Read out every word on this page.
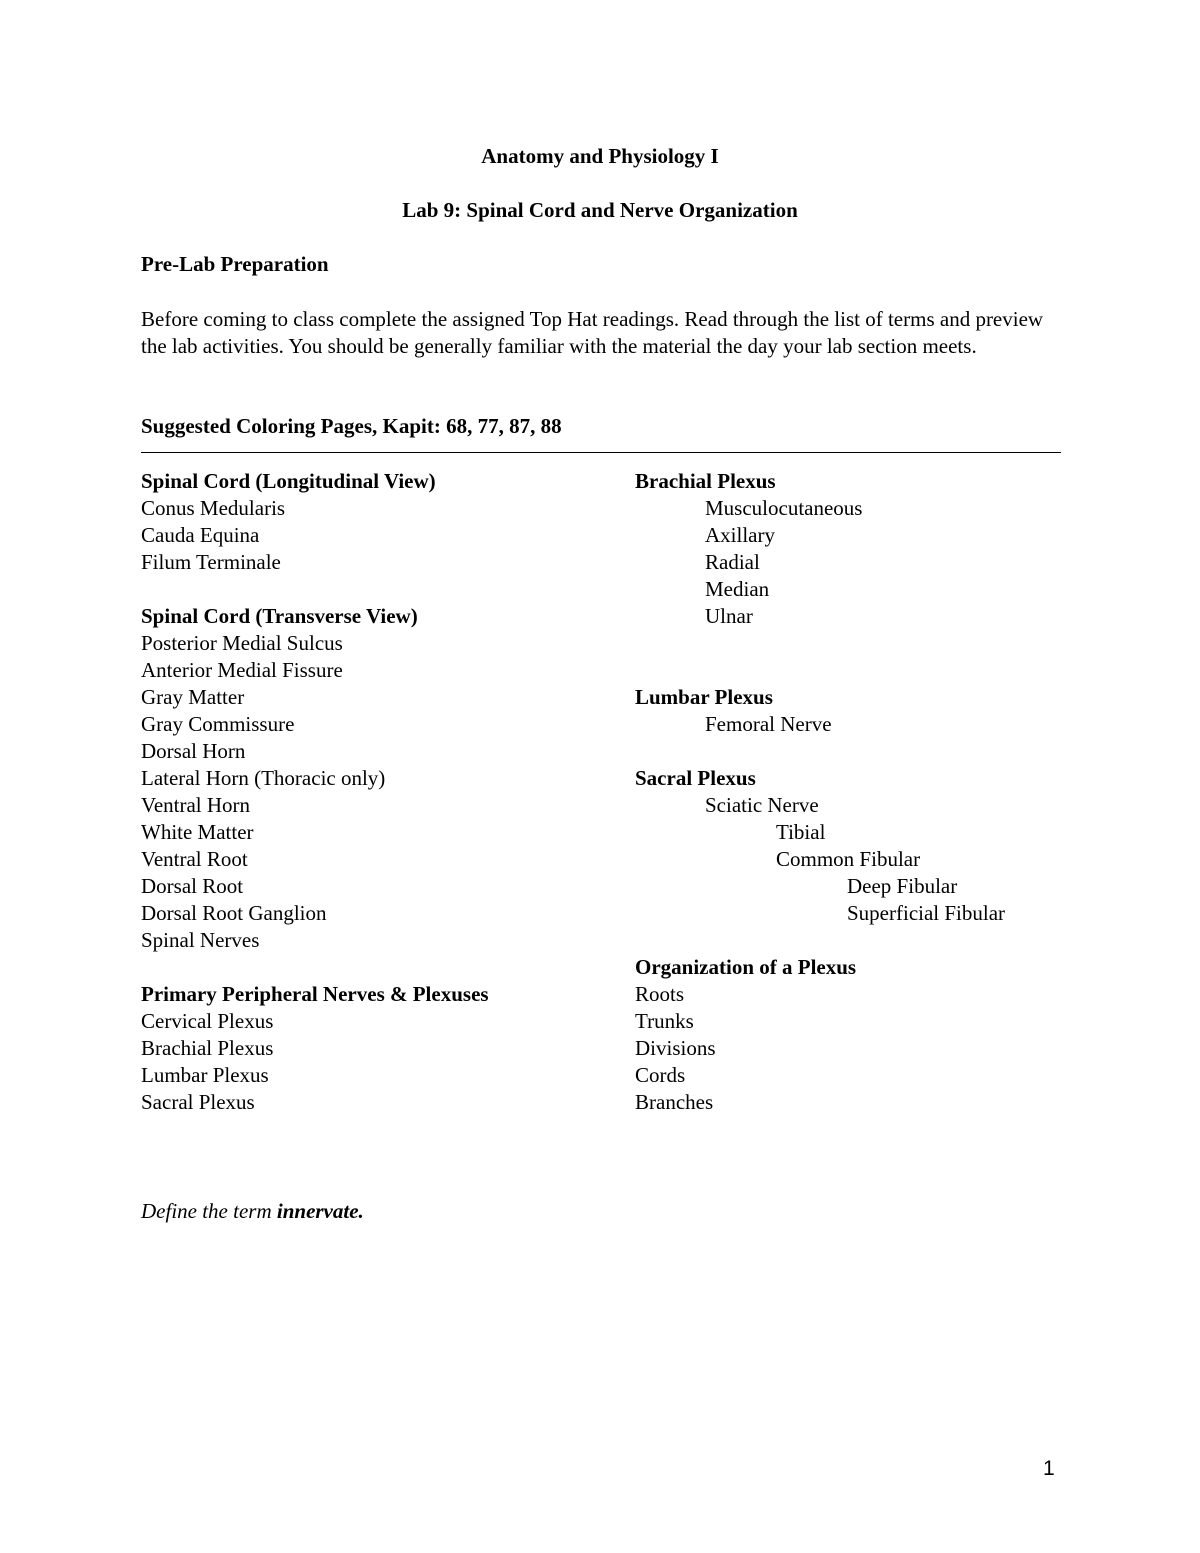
Anatomy and Physiology I
Lab 9: Spinal Cord and Nerve Organization
Pre-Lab Preparation
Before coming to class complete the assigned Top Hat readings. Read through the list of terms and preview the lab activities. You should be generally familiar with the material the day your lab section meets.
Suggested Coloring Pages, Kapit: 68, 77, 87, 88
Spinal Cord (Longitudinal View)
Conus Medularis
Cauda Equina
Filum Terminale
Spinal Cord (Transverse View)
Posterior Medial Sulcus
Anterior Medial Fissure
Gray Matter
Gray Commissure
Dorsal Horn
Lateral Horn (Thoracic only)
Ventral Horn
White Matter
Ventral Root
Dorsal Root
Dorsal Root Ganglion
Spinal Nerves
Primary Peripheral Nerves & Plexuses
Cervical Plexus
Brachial Plexus
Lumbar Plexus
Sacral Plexus
Brachial Plexus
Musculocutaneous
Axillary
Radial
Median
Ulnar
Lumbar Plexus
Femoral Nerve
Sacral Plexus
Sciatic Nerve
Tibial
Common Fibular
Deep Fibular
Superficial Fibular
Organization of a Plexus
Roots
Trunks
Divisions
Cords
Branches
Define the term innervate.
1
